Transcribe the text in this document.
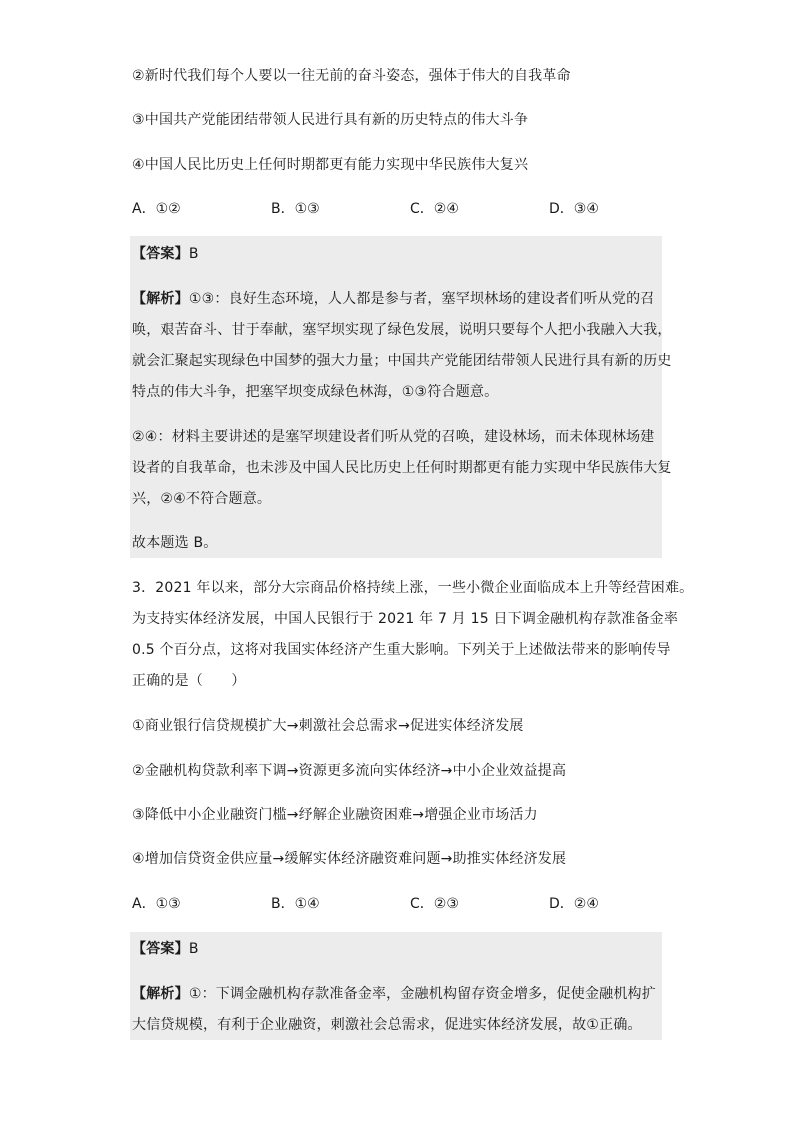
②新时代我们每个人要以一往无前的奋斗姿态，强体于伟大的自我革命
③中国共产党能团结带领人民进行具有新的历史特点的伟大斗争
④中国人民比历史上任何时期都更有能力实现中华民族伟大复兴
A．①②	B．①③	C．②④	D．③④
【答案】B
【解析】①③：良好生态环境，人人都是参与者，塞罕坝林场的建设者们听从党的召
唤，艰苦奋斗、甘于奉献，塞罕坝实现了绿色发展，说明只要每个人把小我融入大我，
就会汇聚起实现绿色中国梦的强大力量；中国共产党能团结带领人民进行具有新的历史
特点的伟大斗争，把塞罕坝变成绿色林海，①③符合题意。
②④：材料主要讲述的是塞罕坝建设者们听从党的召唤，建设林场，而未体现林场建
设者的自我革命，也未涉及中国人民比历史上任何时期都更有能力实现中华民族伟大复
兴，②④不符合题意。
故本题选 B。
3．2021 年以来，部分大宗商品价格持续上涨，一些小微企业面临成本上升等经营困难。
为支持实体经济发展，中国人民银行于 2021 年 7 月 15 日下调金融机构存款准备金率
0.5 个百分点，这将对我国实体经济产生重大影响。下列关于上述做法带来的影响传导
正确的是（　　）
①商业银行信贷规模扩大→刺激社会总需求→促进实体经济发展
②金融机构贷款利率下调→资源更多流向实体经济→中小企业效益提高
③降低中小企业融资门槛→纾解企业融资困难→增强企业市场活力
④增加信贷资金供应量→缓解实体经济融资难问题→助推实体经济发展
A．①③	B．①④	C．②③	D．②④
【答案】B
【解析】①：下调金融机构存款准备金率，金融机构留存资金增多，促使金融机构扩
大信贷规模，有利于企业融资，刺激社会总需求，促进实体经济发展，故①正确。
